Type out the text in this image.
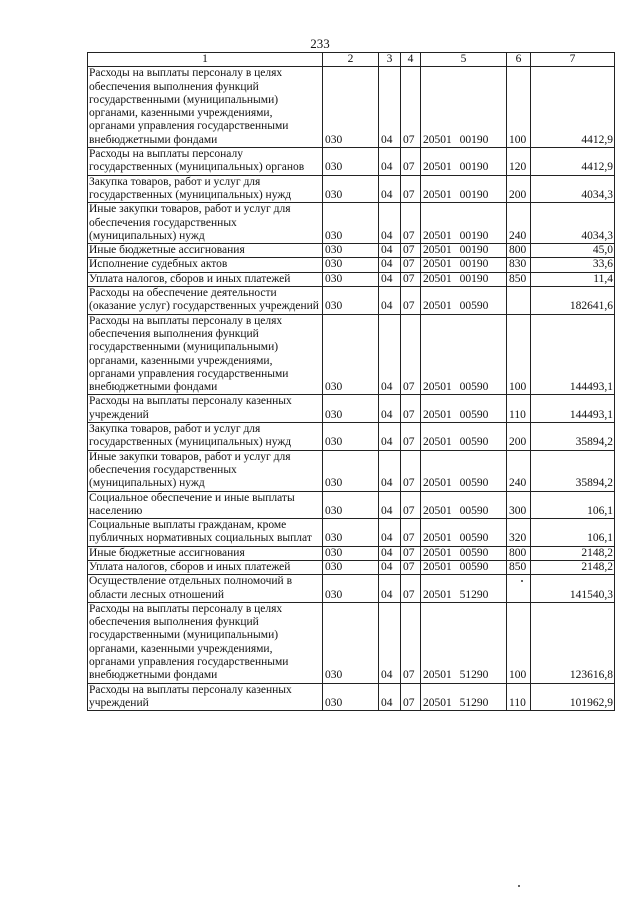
233
1	2	3	4	5	6	7
Расходы на выплаты персоналу в целях обеспечения выполнения функций государственными (муниципальными) органами, казенными учреждениями, органами управления государственными внебюджетными фондами	030	04	07	20501 00190	100	4412,9
Расходы на выплаты персоналу государственных (муниципальных) органов	030	04	07	20501 00190	120	4412,9
Закупка товаров, работ и услуг для государственных (муниципальных) нужд	030	04	07	20501 00190	200	4034,3
Иные закупки товаров, работ и услуг для обеспечения государственных (муниципальных) нужд	030	04	07	20501 00190	240	4034,3
Иные бюджетные ассигнования	030	04	07	20501 00190	800	45,0
Исполнение судебных актов	030	04	07	20501 00190	830	33,6
Уплата налогов, сборов и иных платежей	030	04	07	20501 00190	850	11,4
Расходы на обеспечение деятельности (оказание услуг) государственных учреждений	030	04	07	20501 00590		182641,6
Расходы на выплаты персоналу в целях обеспечения выполнения функций государственными (муниципальными) органами, казенными учреждениями, органами управления государственными внебюджетными фондами	030	04	07	20501 00590	100	144493,1
Расходы на выплаты персоналу казенных учреждений	030	04	07	20501 00590	110	144493,1
Закупка товаров, работ и услуг для государственных (муниципальных) нужд	030	04	07	20501 00590	200	35894,2
Иные закупки товаров, работ и услуг для обеспечения государственных (муниципальных) нужд	030	04	07	20501 00590	240	35894,2
Социальное обеспечение и иные выплаты населению	030	04	07	20501 00590	300	106,1
Социальные выплаты гражданам, кроме публичных нормативных социальных выплат	030	04	07	20501 00590	320	106,1
Иные бюджетные ассигнования	030	04	07	20501 00590	800	2148,2
Уплата налогов, сборов и иных платежей	030	04	07	20501 00590	850	2148,2
Осуществление отдельных полномочий в области лесных отношений	030	04	07	20501 51290		141540,3
Расходы на выплаты персоналу в целях обеспечения выполнения функций государственными (муниципальными) органами, казенными учреждениями, органами управления государственными внебюджетными фондами	030	04	07	20501 51290	100	123616,8
Расходы на выплаты персоналу казенных учреждений	030	04	07	20501 51290	110	101962,9
